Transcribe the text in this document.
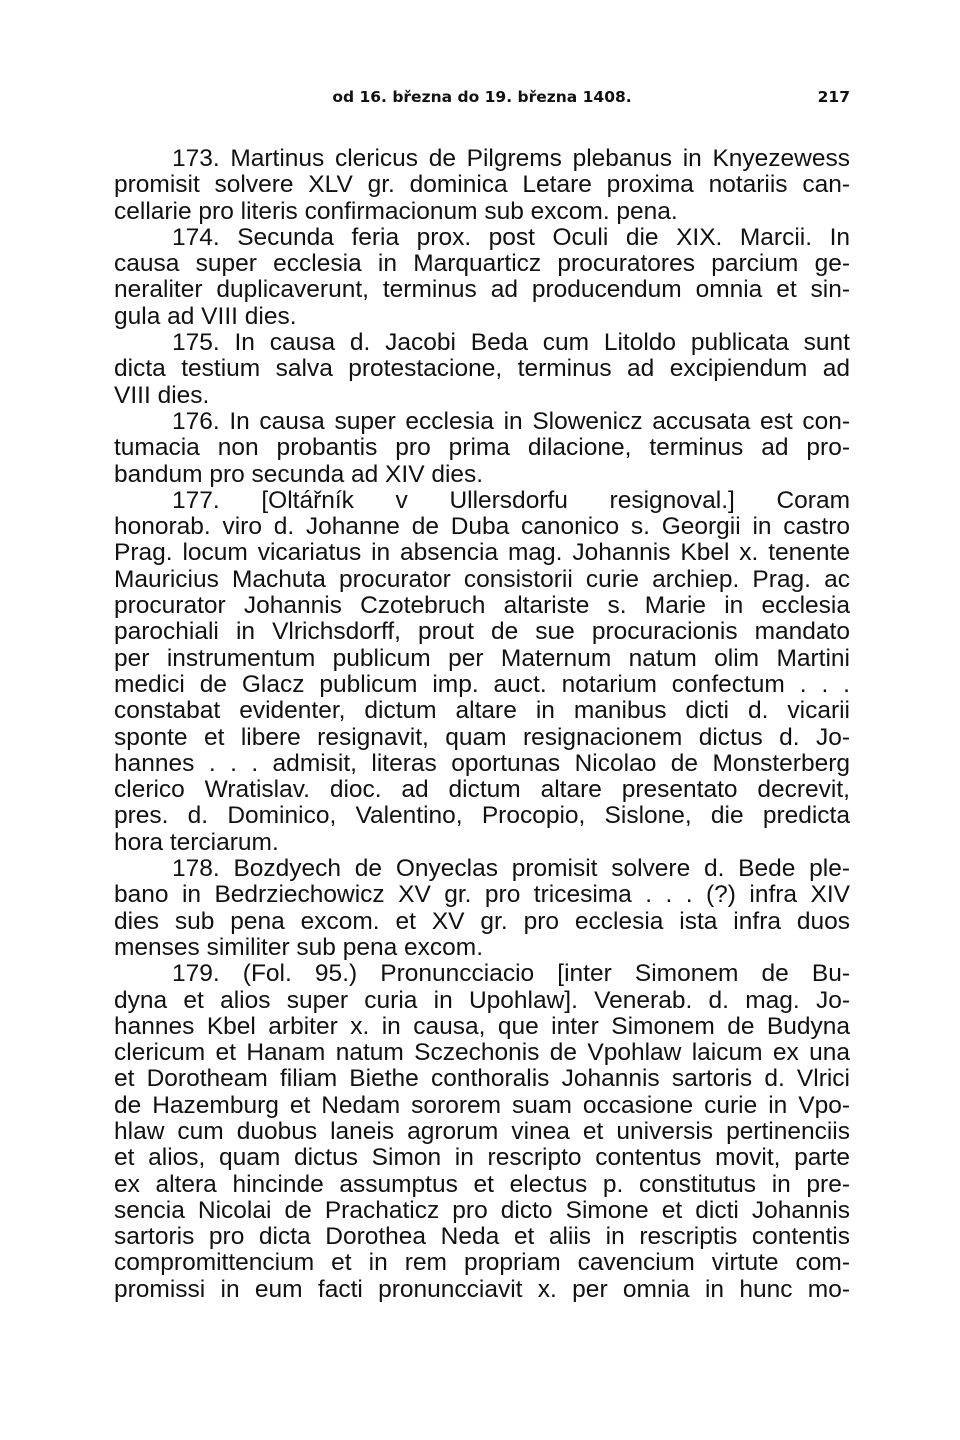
od 16. března do 19. března 1408.	217
173. Martinus clericus de Pilgrems plebanus in Knyezewess
promisit solvere XLV gr. dominica Letare proxima notariis can-
cellarie pro literis confirmacionum sub excom. pena.
174. Secunda feria prox. post Oculi die XIX. Marcii. In
causa super ecclesia in Marquarticz procuratores parcium ge-
neraliter duplicaverunt, terminus ad producendum omnia et sin-
gula ad VIII dies.
175. In causa d. Jacobi Beda cum Litoldo publicata sunt
dicta testium salva protestacione, terminus ad excipiendum ad
VIII dies.
176. In causa super ecclesia in Slowenicz accusata est con-
tumacia non probantis pro prima dilacione, terminus ad pro-
bandum pro secunda ad XIV dies.
177. [Oltářník v Ullersdorfu resignoval.] Coram
honorab. viro d. Johanne de Duba canonico s. Georgii in castro
Prag. locum vicariatus in absencia mag. Johannis Kbel x. tenente
Mauricius Machuta procurator consistorii curie archiep. Prag. ac
procurator Johannis Czotebruch altariste s. Marie in ecclesia
parochiali in Vlrichsdorff, prout de sue procuracionis mandato
per instrumentum publicum per Maternum natum olim Martini
medici de Glacz publicum imp. auct. notarium confectum . . .
constabat evidenter, dictum altare in manibus dicti d. vicarii
sponte et libere resignavit, quam resignacionem dictus d. Jo-
hannes . . . admisit, literas oportunas Nicolao de Monsterberg
clerico Wratislav. dioc. ad dictum altare presentato decrevit,
pres. d. Dominico, Valentino, Procopio, Sislone, die predicta
hora terciarum.
178. Bozdyech de Onyeclas promisit solvere d. Bede ple-
bano in Bedrziechowicz XV gr. pro tricesima . . . (?) infra XIV
dies sub pena excom. et XV gr. pro ecclesia ista infra duos
menses similiter sub pena excom.
179. (Fol. 95.) Pronuncciacio [inter Simonem de Bu-
dyna et alios super curia in Upohlaw]. Venerab. d. mag. Jo-
hannes Kbel arbiter x. in causa, que inter Simonem de Budyna
clericum et Hanam natum Sczechonis de Vpohlaw laicum ex una
et Dorotheam filiam Biethe conthoralis Johannis sartoris d. Vlrici
de Hazemburg et Nedam sororem suam occasione curie in Vpo-
hlaw cum duobus laneis agrorum vinea et universis pertinenciis
et alios, quam dictus Simon in rescripto contentus movit, parte
ex altera hincinde assumptus et electus p. constitutus in pre-
sencia Nicolai de Prachaticz pro dicto Simone et dicti Johannis
sartoris pro dicta Dorothea Neda et aliis in rescriptis contentis
compromittencium et in rem propriam cavencium virtute com-
promissi in eum facti pronuncciavit x. per omnia in hunc mo-
